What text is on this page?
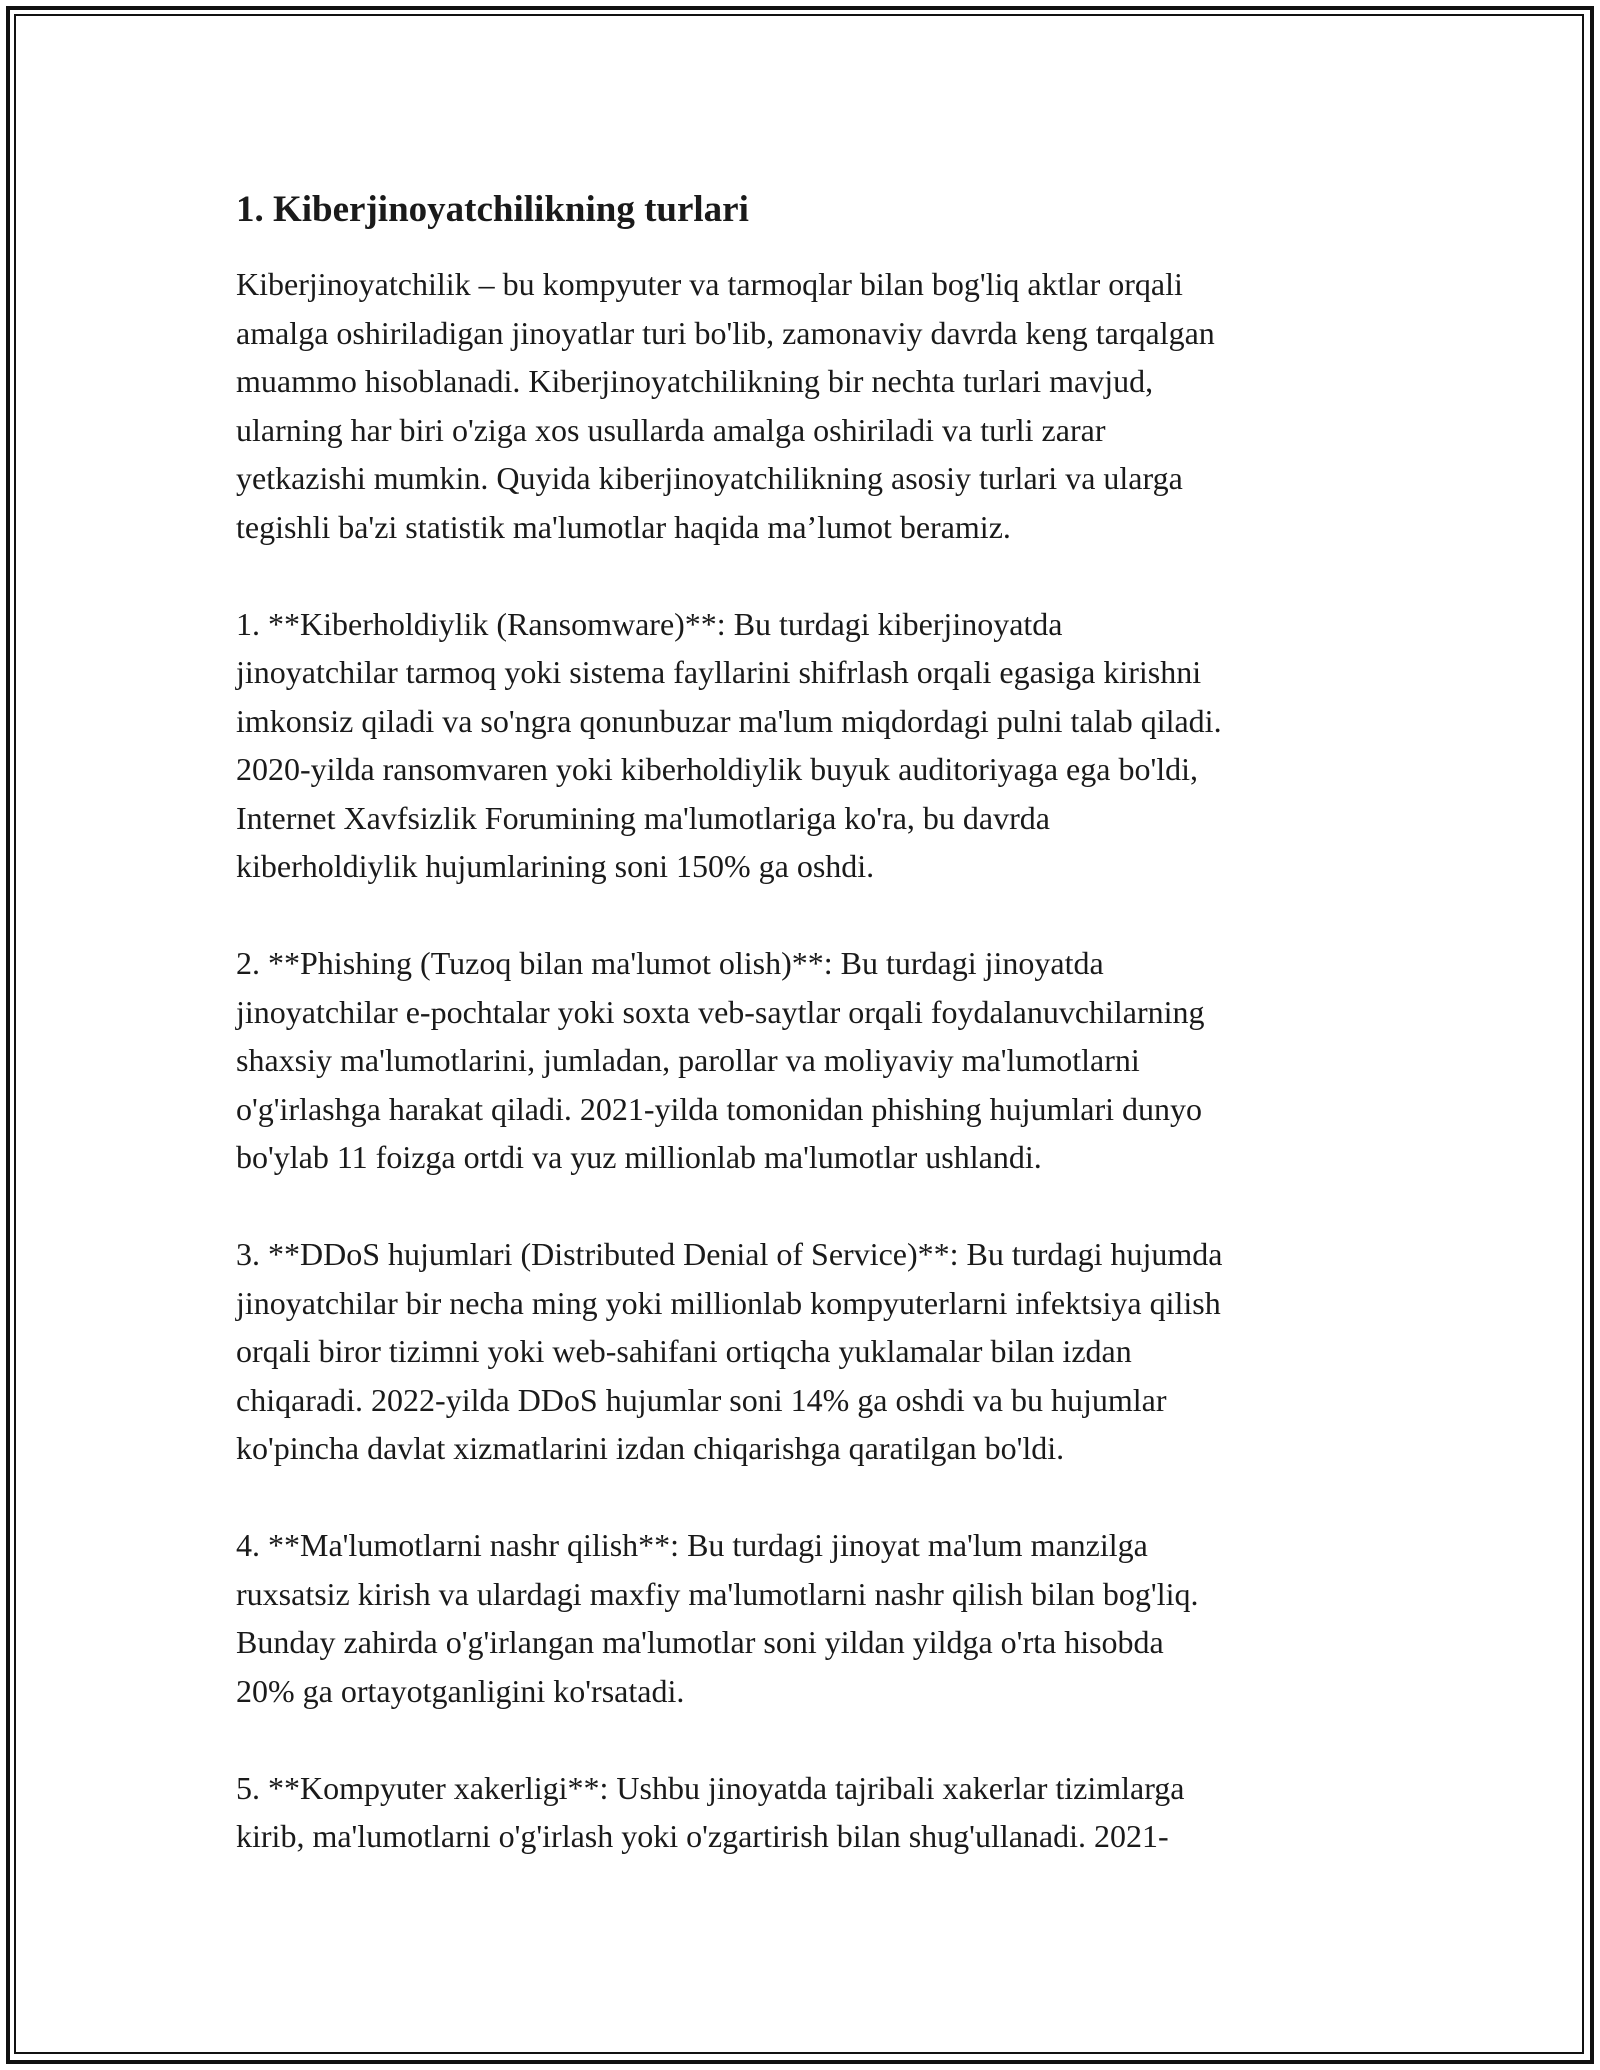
1. Kiberjinoyatchilikning turlari

Kiberjinoyatchilik – bu kompyuter va tarmoqlar bilan bog'liq aktlar orqali
amalga oshiriladigan jinoyatlar turi bo'lib, zamonaviy davrda keng tarqalgan
muammo hisoblanadi. Kiberjinoyatchilikning bir nechta turlari mavjud,
ularning har biri o'ziga xos usullarda amalga oshiriladi va turli zarar
yetkazishi mumkin. Quyida kiberjinoyatchilikning asosiy turlari va ularga
tegishli ba'zi statistik ma'lumotlar haqida ma’lumot beramiz.

1. **Kiberholdiylik (Ransomware)**: Bu turdagi kiberjinoyatda
jinoyatchilar tarmoq yoki sistema fayllarini shifrlash orqali egasiga kirishni
imkonsiz qiladi va so'ngra qonunbuzar ma'lum miqdordagi pulni talab qiladi.
2020-yilda ransomvaren yoki kiberholdiylik buyuk auditoriyaga ega bo'ldi,
Internet Xavfsizlik Forumining ma'lumotlariga ko'ra, bu davrda
kiberholdiylik hujumlarining soni 150% ga oshdi.

2. **Phishing (Tuzoq bilan ma'lumot olish)**: Bu turdagi jinoyatda
jinoyatchilar e-pochtalar yoki soxta veb-saytlar orqali foydalanuvchilarning
shaxsiy ma'lumotlarini, jumladan, parollar va moliyaviy ma'lumotlarni
o'g'irlashga harakat qiladi. 2021-yilda tomonidan phishing hujumlari dunyo
bo'ylab 11 foizga ortdi va yuz millionlab ma'lumotlar ushlandi.

3. **DDoS hujumlari (Distributed Denial of Service)**: Bu turdagi hujumda
jinoyatchilar bir necha ming yoki millionlab kompyuterlarni infektsiya qilish
orqali biror tizimni yoki web-sahifani ortiqcha yuklamalar bilan izdan
chiqaradi. 2022-yilda DDoS hujumlar soni 14% ga oshdi va bu hujumlar
ko'pincha davlat xizmatlarini izdan chiqarishga qaratilgan bo'ldi.

4. **Ma'lumotlarni nashr qilish**: Bu turdagi jinoyat ma'lum manzilga
ruxsatsiz kirish va ulardagi maxfiy ma'lumotlarni nashr qilish bilan bog'liq.
Bunday zahirda o'g'irlangan ma'lumotlar soni yildan yildga o'rta hisobda
20% ga ortayotganligini ko'rsatadi.

5. **Kompyuter xakerligi**: Ushbu jinoyatda tajribali xakerlar tizimlarga
kirib, ma'lumotlarni o'g'irlash yoki o'zgartirish bilan shug'ullanadi. 2021-
